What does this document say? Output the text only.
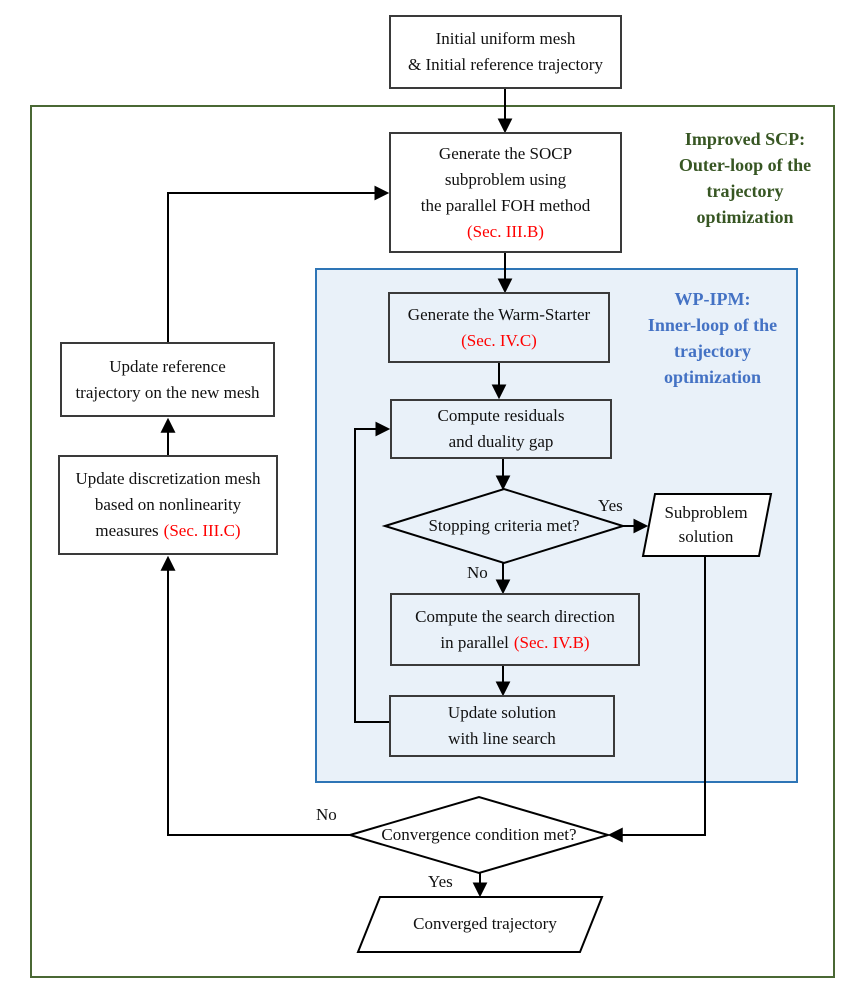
Initial uniform mesh
& Initial reference trajectory
Generate the SOCP
subproblem using
the parallel FOH method
(Sec. III.B)
Generate the Warm-Starter
(Sec. IV.C)
Compute residuals
and duality gap
Compute the search direction
in parallel (Sec. IV.B)
Update solution
with line search
Update reference
trajectory on the new mesh
Update discretization mesh
based on nonlinearity
measures (Sec. III.C)	Stopping criteria met?
Subproblem
solution
Convergence condition met?
Converged trajectory
Yes
No
No
Yes
Improved SCP:
Outer-loop of the
trajectory
optimization
WP-IPM:
Inner-loop of the
trajectory
optimization
